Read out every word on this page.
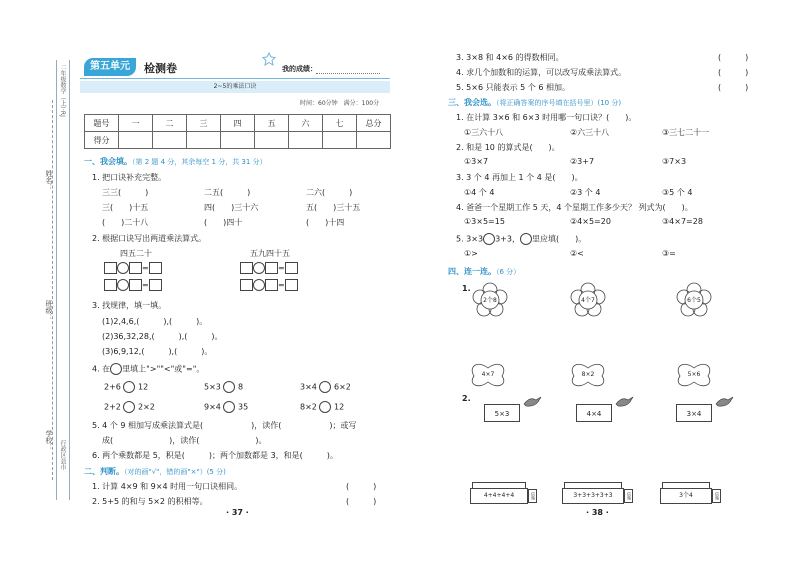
姓名：
班级：
学校：
二年级数学（上）·RJ
行政区县市
第五单元	检测卷	我的成绩：
2~5的乘法口诀
时间：60分钟　满分：100分
题号	一	二	三	四	五	六	七	总分
得分								
一、我会填。（第 2 题 4 分，其余每空 1 分，共 31 分）
1. 把口诀补充完整。
三三(　　　)	二五(　　　)	二六(　　　)
三(　　)十五	四(　　)三十六	五(　　)三十五
(　　)二十八	(　　)四十	(　　)十四
2. 根据口诀写出两道乘法算式。
四五二十	五九四十五
=
=
=
=
3. 找规律，填一填。
(1)2,4,6,(　　　),(　　　)。
(2)36,32,28,(　　　),(　　　)。
(3)6,9,12,(　　　),(　　　)。
4. 在 里填上">""<"或"="。
2+6 12	5×3 8	3×4 6×2
2+2 2×2	9×4 35	8×2 12
5. 4 个 9 相加写成乘法算式是(　　　　　　)，读作(　　　　　　)；或写
成(　　　　　　　)，读作(　　　　　　　)。
6. 两个乘数都是 5，积是(　　　)；两个加数都是 3，和是(　　　)。
二、判断。（对的画"√"，错的画"×"）(5 分)
1. 计算 4×9 和 9×4 时用一句口诀相同。	(　　　)
2. 5+5 的和与 5×2 的积相等。	(　　　)
· 37 ·
3. 3×8 和 4×6 的得数相同。	(　　　)
4. 求几个加数和的运算，可以改写成乘法算式。	(　　　)
5. 5×6 只能表示 5 个 6 相加。	(　　　)
三、我会选。（将正确答案的序号填在括号里）(10 分)
1. 在计算 3×6 和 6×3 时用哪一句口诀？(　　)。
①三六十八	②六三十八	③三七二十一
2. 和是 10 的算式是(　　)。
①3×7	②3+7	③7×3
3. 3 个 4 再加上 1 个 4 是(　　)。
①4 个 4	②3 个 4	③5 个 4
4. 爸爸一个星期工作 5 天，4 个星期工作多少天？ 列式为(　　)。
①3×5=15	②4×5=20	③4×7=28
5. 3×3 3+3， 里应填(　　)。
①>	②<	③=
四、连一连。（6 分）
1.
2个8	4个7	6个5
4×7	8×2	5×6
2.
5×3	4×4	3×4
4+4+4+4	信箱	3+3+3+3+3	信箱	3个4	信箱
· 38 ·
